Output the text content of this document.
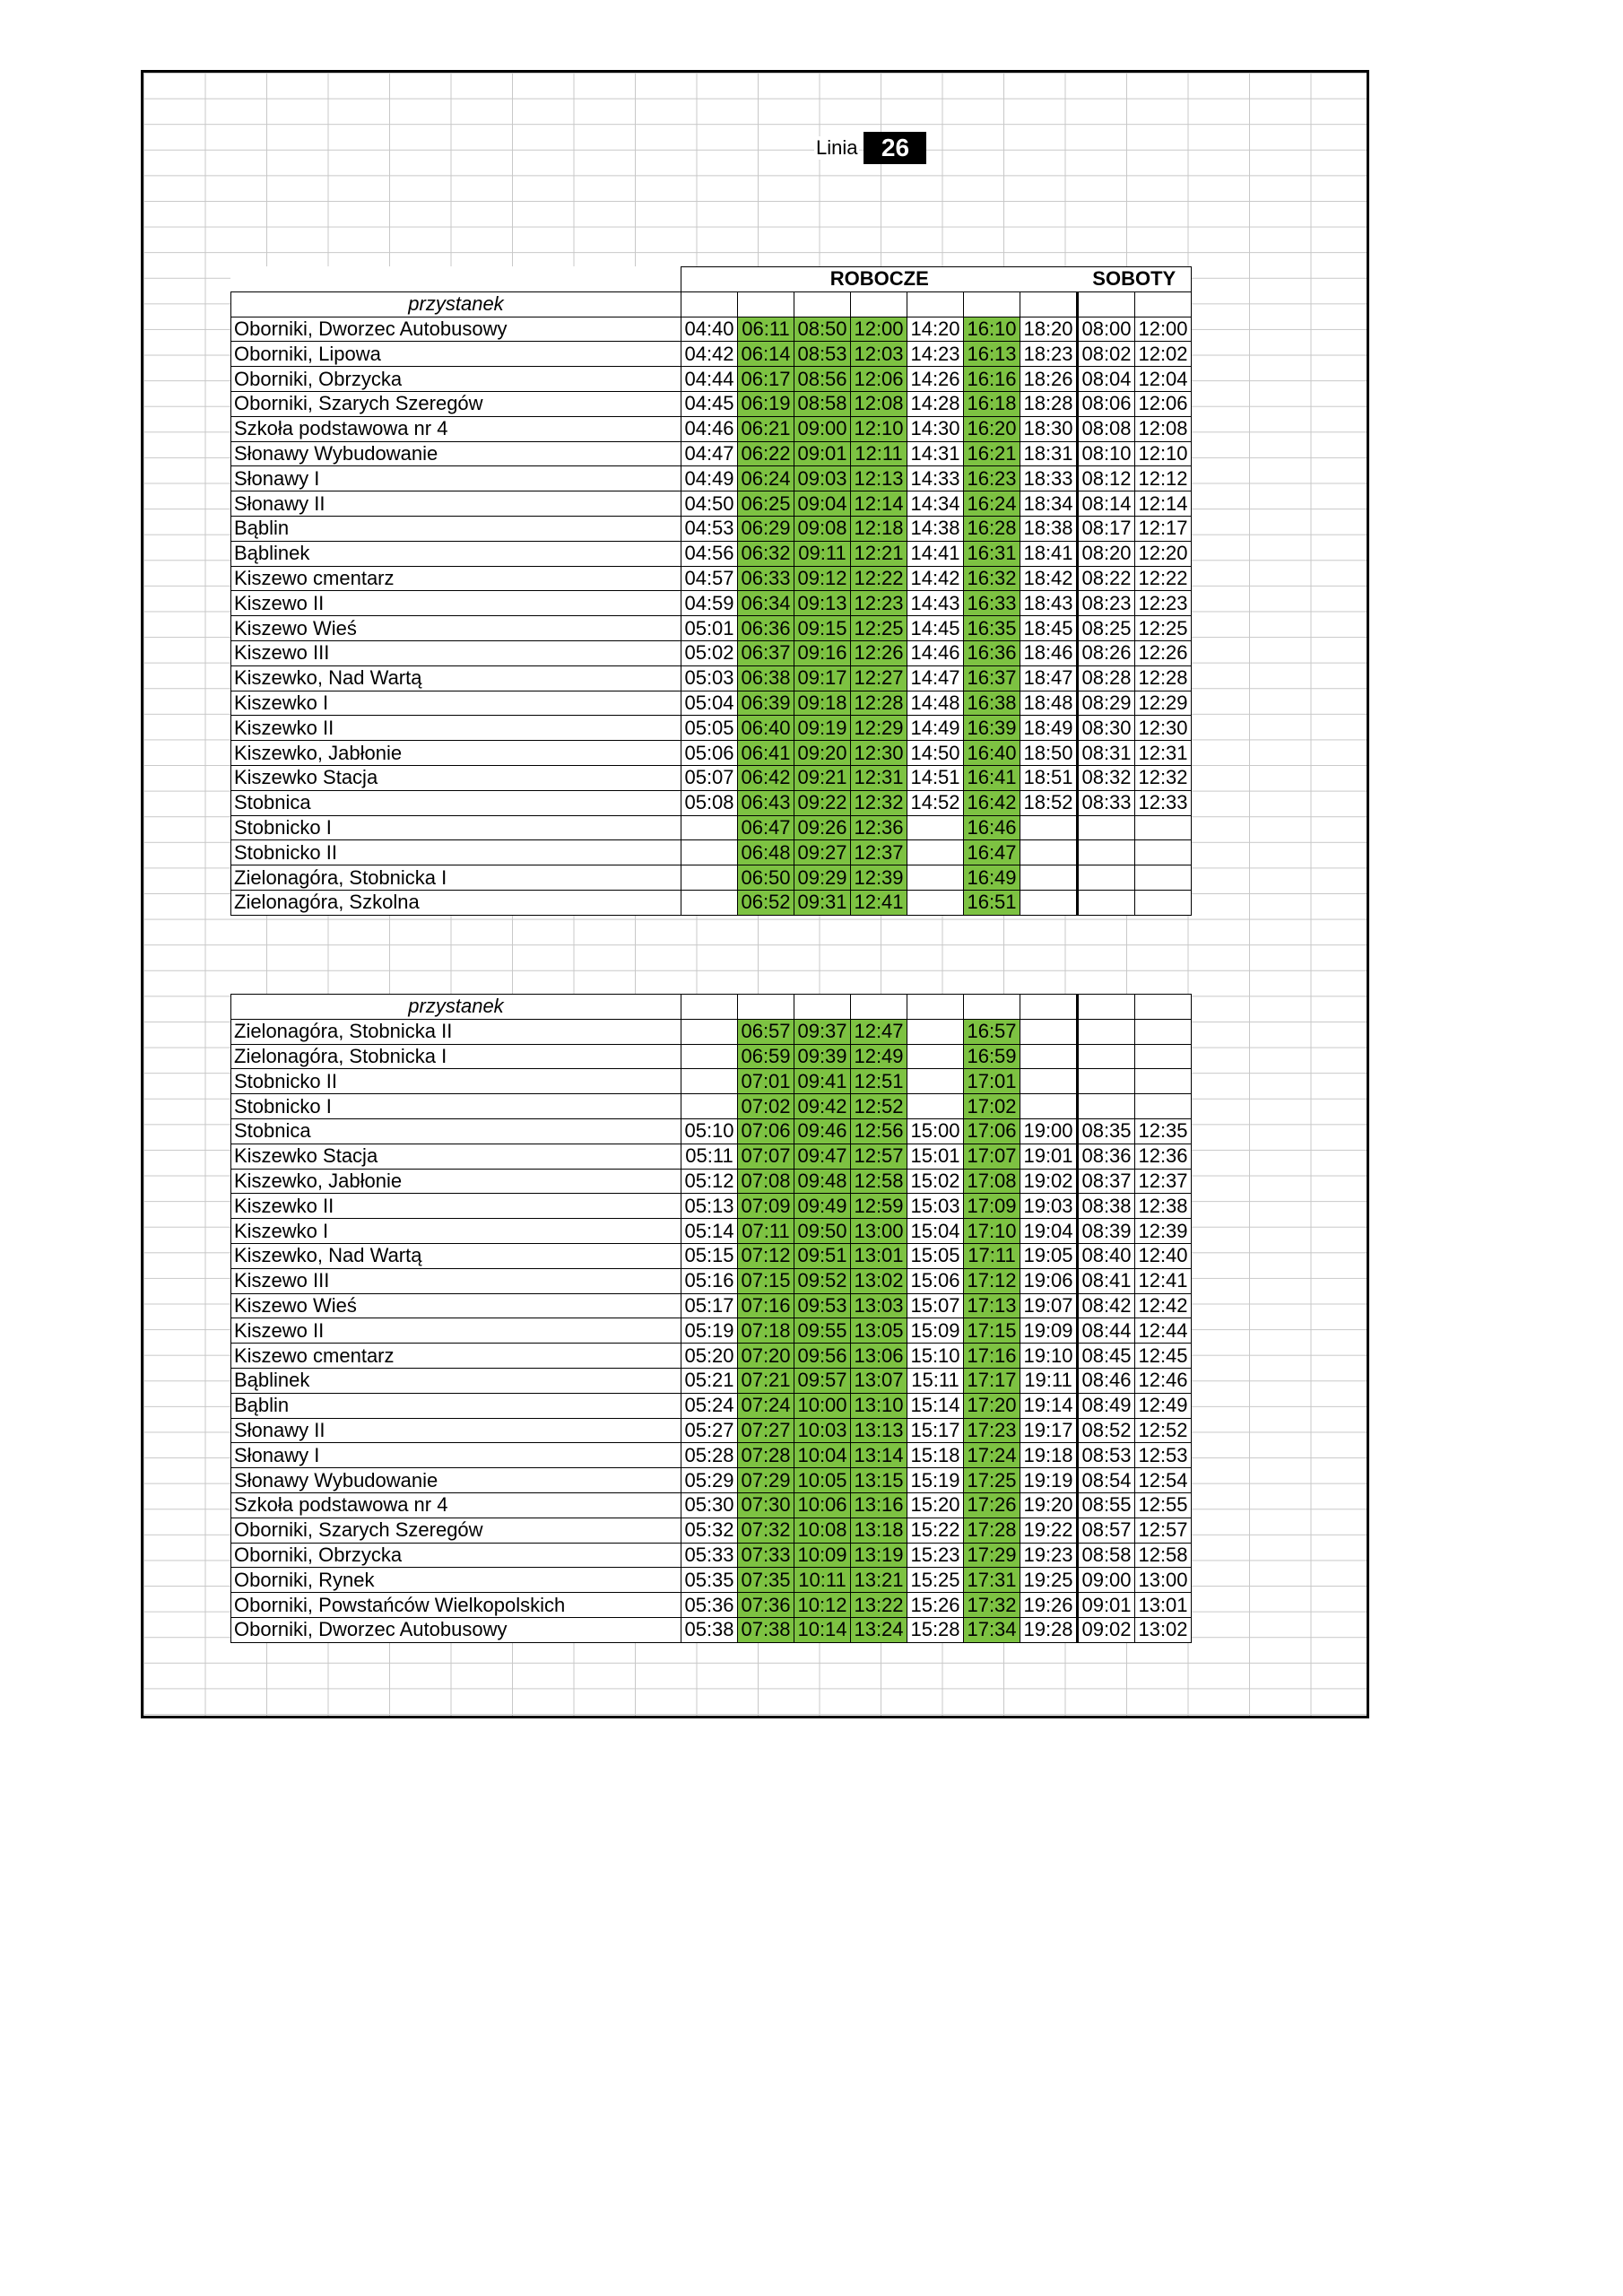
Linia 26
	ROBOCZE							SOBOTY	
przystanek									
Oborniki, Dworzec Autobusowy	04:40	06:11	08:50	12:00	14:20	16:10	18:20	08:00	12:00
Oborniki, Lipowa	04:42	06:14	08:53	12:03	14:23	16:13	18:23	08:02	12:02
Oborniki, Obrzycka	04:44	06:17	08:56	12:06	14:26	16:16	18:26	08:04	12:04
Oborniki, Szarych Szeregów	04:45	06:19	08:58	12:08	14:28	16:18	18:28	08:06	12:06
Szkoła podstawowa nr 4	04:46	06:21	09:00	12:10	14:30	16:20	18:30	08:08	12:08
Słonawy Wybudowanie	04:47	06:22	09:01	12:11	14:31	16:21	18:31	08:10	12:10
Słonawy I	04:49	06:24	09:03	12:13	14:33	16:23	18:33	08:12	12:12
Słonawy II	04:50	06:25	09:04	12:14	14:34	16:24	18:34	08:14	12:14
Bąblin	04:53	06:29	09:08	12:18	14:38	16:28	18:38	08:17	12:17
Bąblinek	04:56	06:32	09:11	12:21	14:41	16:31	18:41	08:20	12:20
Kiszewo cmentarz	04:57	06:33	09:12	12:22	14:42	16:32	18:42	08:22	12:22
Kiszewo II	04:59	06:34	09:13	12:23	14:43	16:33	18:43	08:23	12:23
Kiszewo Wieś	05:01	06:36	09:15	12:25	14:45	16:35	18:45	08:25	12:25
Kiszewo III	05:02	06:37	09:16	12:26	14:46	16:36	18:46	08:26	12:26
Kiszewko, Nad Wartą	05:03	06:38	09:17	12:27	14:47	16:37	18:47	08:28	12:28
Kiszewko I	05:04	06:39	09:18	12:28	14:48	16:38	18:48	08:29	12:29
Kiszewko II	05:05	06:40	09:19	12:29	14:49	16:39	18:49	08:30	12:30
Kiszewko, Jabłonie	05:06	06:41	09:20	12:30	14:50	16:40	18:50	08:31	12:31
Kiszewko Stacja	05:07	06:42	09:21	12:31	14:51	16:41	18:51	08:32	12:32
Stobnica	05:08	06:43	09:22	12:32	14:52	16:42	18:52	08:33	12:33
Stobnicko I		06:47	09:26	12:36		16:46			
Stobnicko II		06:48	09:27	12:37		16:47			
Zielonagóra, Stobnicka I		06:50	09:29	12:39		16:49			
Zielonagóra, Szkolna		06:52	09:31	12:41		16:51			
przystanek									
Zielonagóra, Stobnicka II		06:57	09:37	12:47		16:57			
Zielonagóra, Stobnicka I		06:59	09:39	12:49		16:59			
Stobnicko II		07:01	09:41	12:51		17:01			
Stobnicko I		07:02	09:42	12:52		17:02			
Stobnica	05:10	07:06	09:46	12:56	15:00	17:06	19:00	08:35	12:35
Kiszewko Stacja	05:11	07:07	09:47	12:57	15:01	17:07	19:01	08:36	12:36
Kiszewko, Jabłonie	05:12	07:08	09:48	12:58	15:02	17:08	19:02	08:37	12:37
Kiszewko II	05:13	07:09	09:49	12:59	15:03	17:09	19:03	08:38	12:38
Kiszewko I	05:14	07:11	09:50	13:00	15:04	17:10	19:04	08:39	12:39
Kiszewko, Nad Wartą	05:15	07:12	09:51	13:01	15:05	17:11	19:05	08:40	12:40
Kiszewo III	05:16	07:15	09:52	13:02	15:06	17:12	19:06	08:41	12:41
Kiszewo Wieś	05:17	07:16	09:53	13:03	15:07	17:13	19:07	08:42	12:42
Kiszewo II	05:19	07:18	09:55	13:05	15:09	17:15	19:09	08:44	12:44
Kiszewo cmentarz	05:20	07:20	09:56	13:06	15:10	17:16	19:10	08:45	12:45
Bąblinek	05:21	07:21	09:57	13:07	15:11	17:17	19:11	08:46	12:46
Bąblin	05:24	07:24	10:00	13:10	15:14	17:20	19:14	08:49	12:49
Słonawy II	05:27	07:27	10:03	13:13	15:17	17:23	19:17	08:52	12:52
Słonawy I	05:28	07:28	10:04	13:14	15:18	17:24	19:18	08:53	12:53
Słonawy Wybudowanie	05:29	07:29	10:05	13:15	15:19	17:25	19:19	08:54	12:54
Szkoła podstawowa nr 4	05:30	07:30	10:06	13:16	15:20	17:26	19:20	08:55	12:55
Oborniki, Szarych Szeregów	05:32	07:32	10:08	13:18	15:22	17:28	19:22	08:57	12:57
Oborniki, Obrzycka	05:33	07:33	10:09	13:19	15:23	17:29	19:23	08:58	12:58
Oborniki, Rynek	05:35	07:35	10:11	13:21	15:25	17:31	19:25	09:00	13:00
Oborniki, Powstańców Wielkopolskich	05:36	07:36	10:12	13:22	15:26	17:32	19:26	09:01	13:01
Oborniki, Dworzec Autobusowy	05:38	07:38	10:14	13:24	15:28	17:34	19:28	09:02	13:02
